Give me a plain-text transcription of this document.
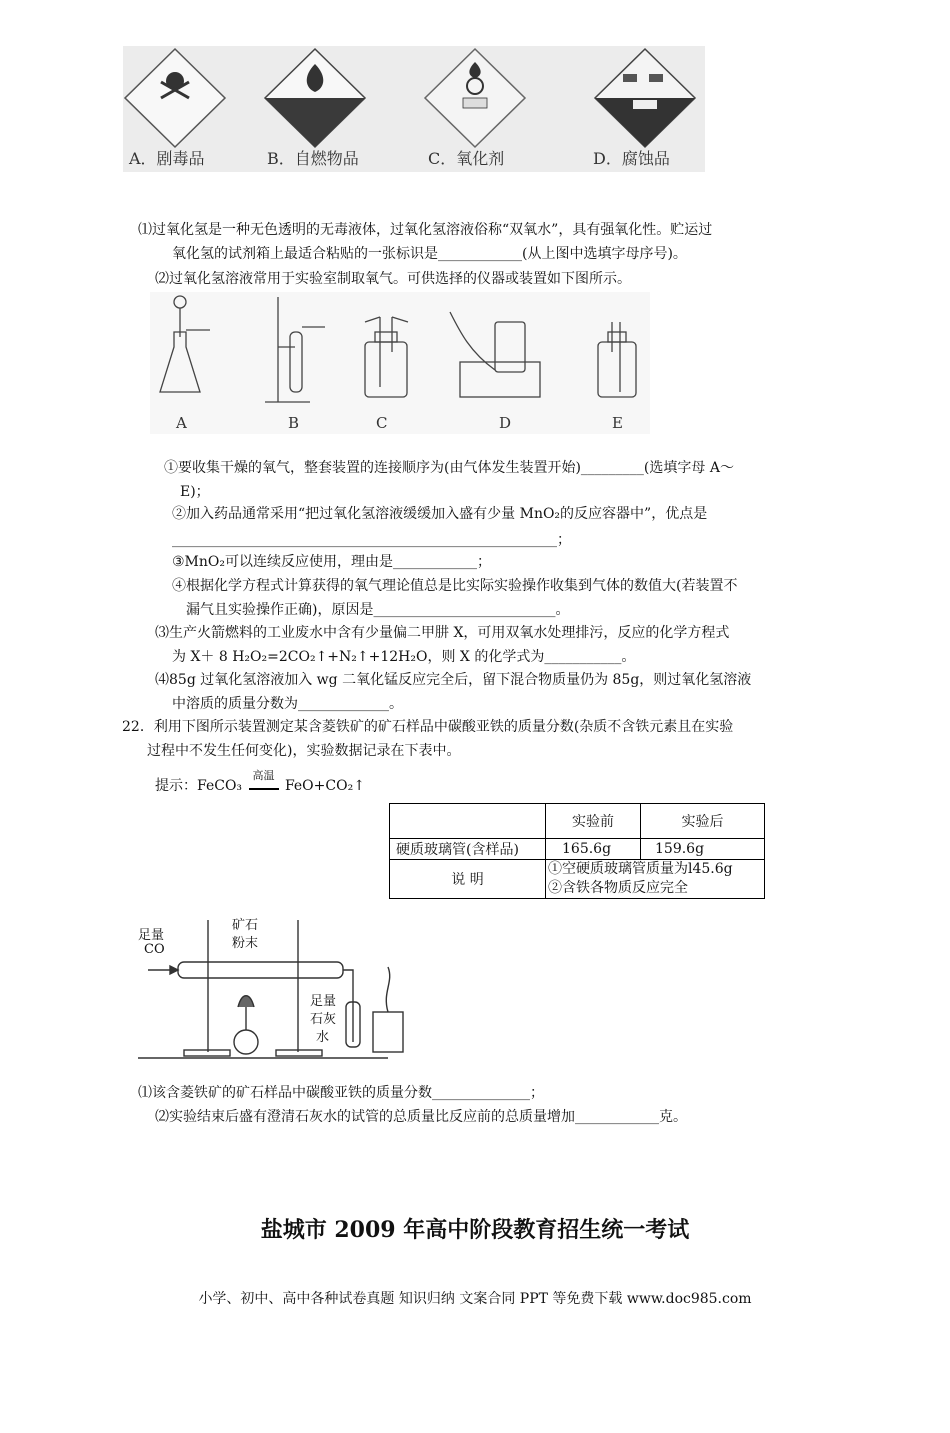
A．剧毒品	B．自燃物品	C．氧化剂	D．腐蚀品
⑴过氧化氢是一种无色透明的无毒液体，过氧化氢溶液俗称“双氧水”，具有强氧化性。贮运过
氧化氢的试剂箱上最适合粘贴的一张标识是____________(从上图中选填字母序号)。
⑵过氧化氢溶液常用于实验室制取氧气。可供选择的仪器或装置如下图所示。
A	B	C	D	E
①要收集干燥的氧气，整套装置的连接顺序为(由气体发生装置开始)_________(选填字母 A～
E)；
②加入药品通常采用“把过氧化氢溶液缓缓加入盛有少量 MnO₂的反应容器中”，优点是
_______________________________________________________；
③MnO₂可以连续反应使用，理由是____________；
④根据化学方程式计算获得的氧气理论值总是比实际实验操作收集到气体的数值大(若装置不
漏气且实验操作正确)，原因是__________________________。
⑶生产火箭燃料的工业废水中含有少量偏二甲肼 X，可用双氧水处理排污，反应的化学方程式
为 X＋ 8 H₂O₂=2CO₂↑+N₂↑+12H₂O，则 X 的化学式为___________。
⑷85g 过氧化氢溶液加入 wg 二氧化锰反应完全后，留下混合物质量仍为 85g，则过氧化氢溶液
中溶质的质量分数为_____________。
22．利用下图所示装置测定某含菱铁矿的矿石样品中碳酸亚铁的质量分数(杂质不含铁元素且在实验
过程中不发生任何变化)，实验数据记录在下表中。
提示：FeCO₃
高温
FeO+CO₂↑
	实验前	实验后
硬质玻璃管(含样品)	165.6g	159.6g
说 明	①空硬质玻璃管质量为l45.6g
②含铁各物质反应完全	
足量
CO
矿石
粉末
足量
石灰
水
⑴该含菱铁矿的矿石样品中碳酸亚铁的质量分数______________；
⑵实验结束后盛有澄清石灰水的试管的总质量比反应前的总质量增加____________克。
盐城市 2009 年高中阶段教育招生统一考试
小学、初中、高中各种试卷真题 知识归纳 文案合同 PPT 等免费下载 www.doc985.com
